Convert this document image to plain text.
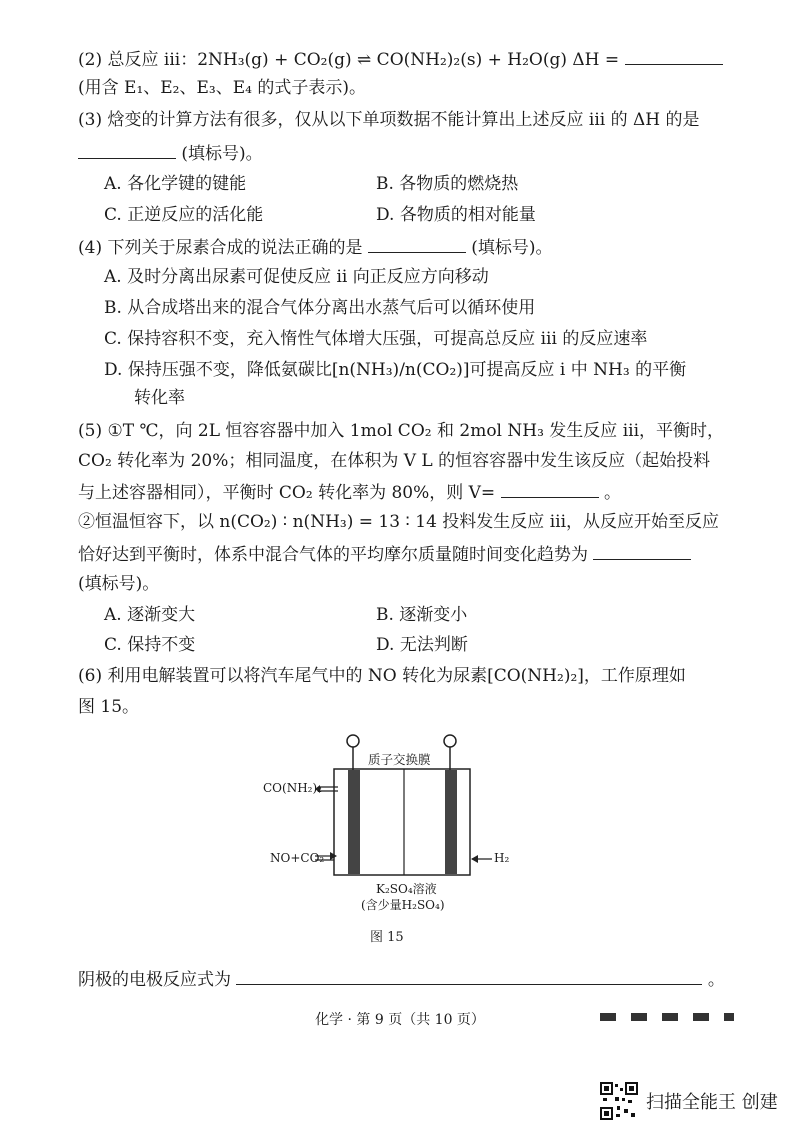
(2) 总反应 iii：2NH₃(g) + CO₂(g) ⇌ CO(NH₂)₂(s) + H₂O(g) ΔH =
(用含 E₁、E₂、E₃、E₄ 的式子表示)。
(3) 焓变的计算方法有很多，仅从以下单项数据不能计算出上述反应 iii 的 ΔH 的是
(填标号)。
A. 各化学键的键能	B. 各物质的燃烧热
C. 正逆反应的活化能	D. 各物质的相对能量
(4) 下列关于尿素合成的说法正确的是	(填标号)。
A. 及时分离出尿素可促使反应 ii 向正反应方向移动
B. 从合成塔出来的混合气体分离出水蒸气后可以循环使用
C. 保持容积不变，充入惰性气体增大压强，可提高总反应 iii 的反应速率
D. 保持压强不变，降低氨碳比[n(NH₃)/n(CO₂)]可提高反应 i 中 NH₃ 的平衡
转化率
(5) ①T ℃，向 2L 恒容容器中加入 1mol CO₂ 和 2mol NH₃ 发生反应 iii，平衡时，
CO₂ 转化率为 20%；相同温度，在体积为 V L 的恒容容器中发生该反应（起始投料
与上述容器相同），平衡时 CO₂ 转化率为 80%，则 V=	。
②恒温恒容下，以 n(CO₂) ∶ n(NH₃) = 13 ∶ 14 投料发生反应 iii，从反应开始至反应
恰好达到平衡时，体系中混合气体的平均摩尔质量随时间变化趋势为
(填标号)。
A. 逐渐变大	B. 逐渐变小
C. 保持不变	D. 无法判断
(6) 利用电解装置可以将汽车尾气中的 NO 转化为尿素[CO(NH₂)₂]，工作原理如
图 15。
质子交换膜
CO(NH₂)₂
NO+CO₂	H₂
K₂SO₄溶液
(含少量H₂SO₄)
图 15
阴极的电极反应式为	。
化学 · 第 9 页（共 10 页）
扫描全能王 创建
